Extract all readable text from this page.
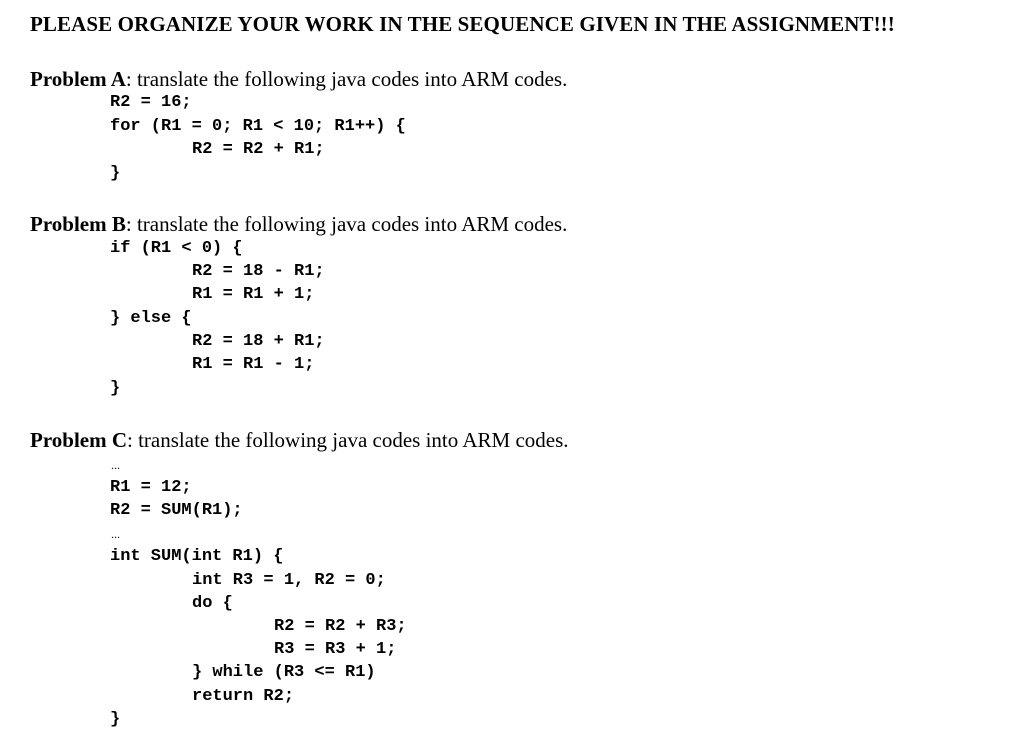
PLEASE ORGANIZE YOUR WORK IN THE SEQUENCE GIVEN IN THE ASSIGNMENT!!!
Problem A: translate the following java codes into ARM codes.
R2 = 16;
for (R1 = 0; R1 < 10; R1++) {
R2 = R2 + R1;
}
Problem B: translate the following java codes into ARM codes.
if (R1 < 0) {
R2 = 18 - R1;
R1 = R1 + 1;
} else {
R2 = 18 + R1;
R1 = R1 - 1;
}
Problem C: translate the following java codes into ARM codes.
...
R1 = 12;
R2 = SUM(R1);
...
int SUM(int R1) {
int R3 = 1, R2 = 0;
do {
R2 = R2 + R3;
R3 = R3 + 1;
} while (R3 <= R1)
return R2;
}
